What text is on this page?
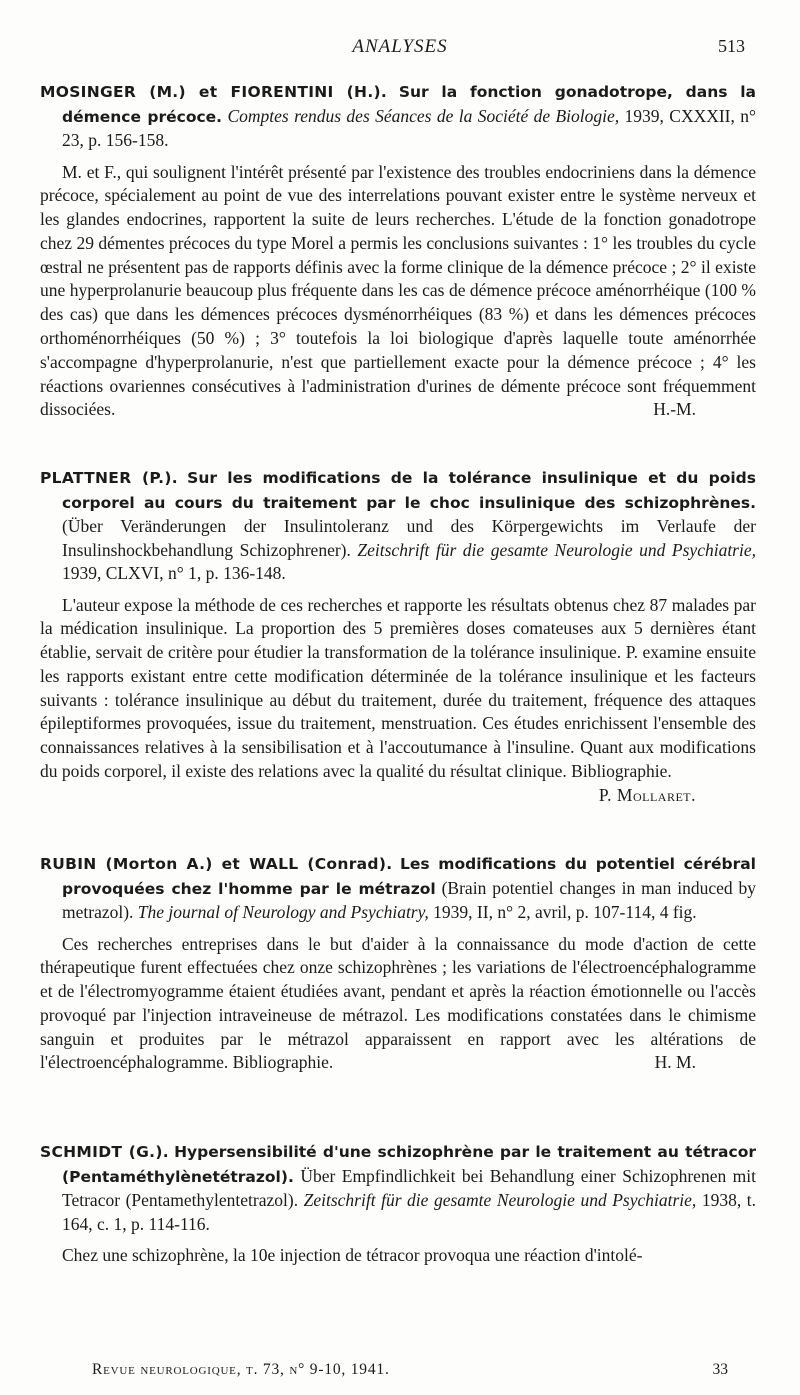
ANALYSES	513

MOSINGER (M.) et FIORENTINI (H.). Sur la fonction gonadotrope, dans la démence précoce. Comptes rendus des Séances de la Société de Biologie, 1939, CXXXII, n° 23, p. 156-158.

M. et F., qui soulignent l'intérêt présenté par l'existence des troubles endocriniens dans la démence précoce, spécialement au point de vue des interrelations pouvant exister entre le système nerveux et les glandes endocrines, rapportent la suite de leurs recherches. L'étude de la fonction gonadotrope chez 29 démentes précoces du type Morel a permis les conclusions suivantes : 1° les troubles du cycle œstral ne présentent pas de rapports définis avec la forme clinique de la démence précoce ; 2° il existe une hyperprolanurie beaucoup plus fréquente dans les cas de démence précoce aménorrhéique (100 % des cas) que dans les démences précoces dysménorrhéiques (83 %) et dans les démences précoces orthoménorrhéiques (50 %) ; 3° toutefois la loi biologique d'après laquelle toute aménorrhée s'accompagne d'hyperprolanurie, n'est que partiellement exacte pour la démence précoce ; 4° les réactions ovariennes consécutives à l'administration d'urines de démente précoce sont fréquemment dissociées.	H.-M.

PLATTNER (P.). Sur les modifications de la tolérance insulinique et du poids corporel au cours du traitement par le choc insulinique des schizophrènes. (Über Veränderungen der Insulintoleranz und des Körpergewichts im Verlaufe der Insulinshockbehandlung Schizophrener). Zeitschrift für die gesamte Neurologie und Psychiatrie, 1939, CLXVI, n° 1, p. 136-148.

L'auteur expose la méthode de ces recherches et rapporte les résultats obtenus chez 87 malades par la médication insulinique. La proportion des 5 premières doses comateuses aux 5 dernières étant établie, servait de critère pour étudier la transformation de la tolérance insulinique. P. examine ensuite les rapports existant entre cette modification déterminée de la tolérance insulinique et les facteurs suivants : tolérance insulinique au début du traitement, durée du traitement, fréquence des attaques épileptiformes provoquées, issue du traitement, menstruation. Ces études enrichissent l'ensemble des connaissances relatives à la sensibilisation et à l'accoutumance à l'insuline. Quant aux modifications du poids corporel, il existe des relations avec la qualité du résultat clinique. Bibliographie.
P. Mollaret.

RUBIN (Morton A.) et WALL (Conrad). Les modifications du potentiel cérébral provoquées chez l'homme par le métrazol (Brain potentiel changes in man induced by metrazol). The journal of Neurology and Psychiatry, 1939, II, n° 2, avril, p. 107-114, 4 fig.

Ces recherches entreprises dans le but d'aider à la connaissance du mode d'action de cette thérapeutique furent effectuées chez onze schizophrènes ; les variations de l'électroencéphalogramme et de l'électromyogramme étaient étudiées avant, pendant et après la réaction émotionnelle ou l'accès provoqué par l'injection intraveineuse de métrazol. Les modifications constatées dans le chimisme sanguin et produites par le métrazol apparaissent en rapport avec les altérations de l'électroencéphalogramme. Bibliographie.	H. M.

SCHMIDT (G.). Hypersensibilité d'une schizophrène par le traitement au tétracor (Pentaméthylènetétrazol). Über Empfindlichkeit bei Behandlung einer Schizophrenen mit Tetracor (Pentamethylentetrazol). Zeitschrift für die gesamte Neurologie und Psychiatrie, 1938, t. 164, c. 1, p. 114-116.

Chez une schizophrène, la 10e injection de tétracor provoqua une réaction d'intolé-

Revue neurologique, t. 73, n° 9-10, 1941.	33
